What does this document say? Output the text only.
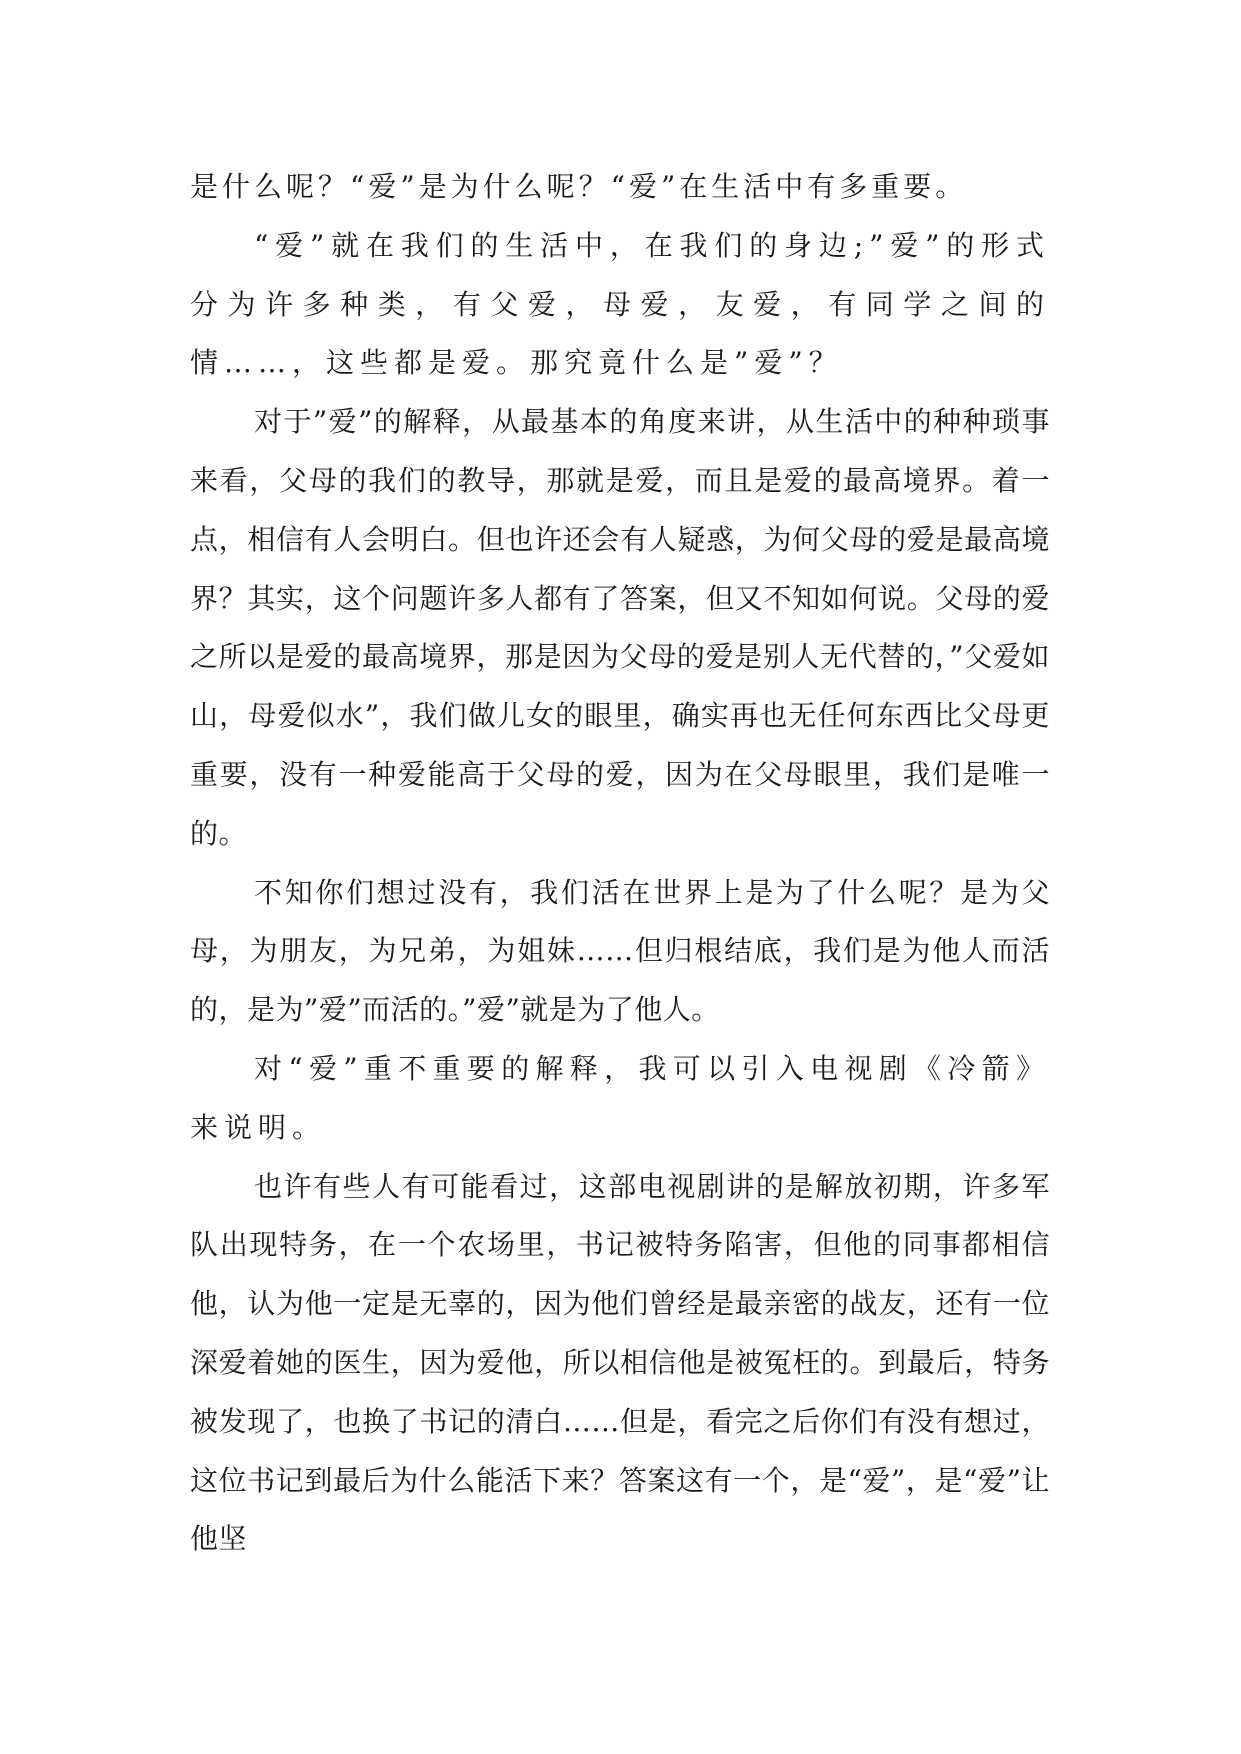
是什么呢？“爱”是为什么呢？“爱”在生活中有多重要。

“爱”就在我们的生活中，在我们的身边;”爱”的形式分为许多种类，有父爱，母爱，友爱，有同学之间的情……，这些都是爱。那究竟什么是”爱”？

对于”爱”的解释，从最基本的角度来讲，从生活中的种种琐事来看，父母的我们的教导，那就是爱，而且是爱的最高境界。着一点，相信有人会明白。但也许还会有人疑惑，为何父母的爱是最高境界？其实，这个问题许多人都有了答案，但又不知如何说。父母的爱之所以是爱的最高境界，那是因为父母的爱是别人无代替的，”父爱如山，母爱似水”，我们做儿女的眼里，确实再也无任何东西比父母更重要，没有一种爱能高于父母的爱，因为在父母眼里，我们是唯一的。

不知你们想过没有，我们活在世界上是为了什么呢？是为父母，为朋友，为兄弟，为姐妹……但归根结底，我们是为他人而活的，是为”爱”而活的。”爱”就是为了他人。

对“爱”重不重要的解释，我可以引入电视剧《冷箭》来说明。

也许有些人有可能看过，这部电视剧讲的是解放初期，许多军队出现特务，在一个农场里，书记被特务陷害，但他的同事都相信他，认为他一定是无辜的，因为他们曾经是最亲密的战友，还有一位深爱着她的医生，因为爱他，所以相信他是被冤枉的。到最后，特务被发现了，也换了书记的清白……但是，看完之后你们有没有想过，这位书记到最后为什么能活下来？答案这有一个，是“爱”，是“爱”让他坚
